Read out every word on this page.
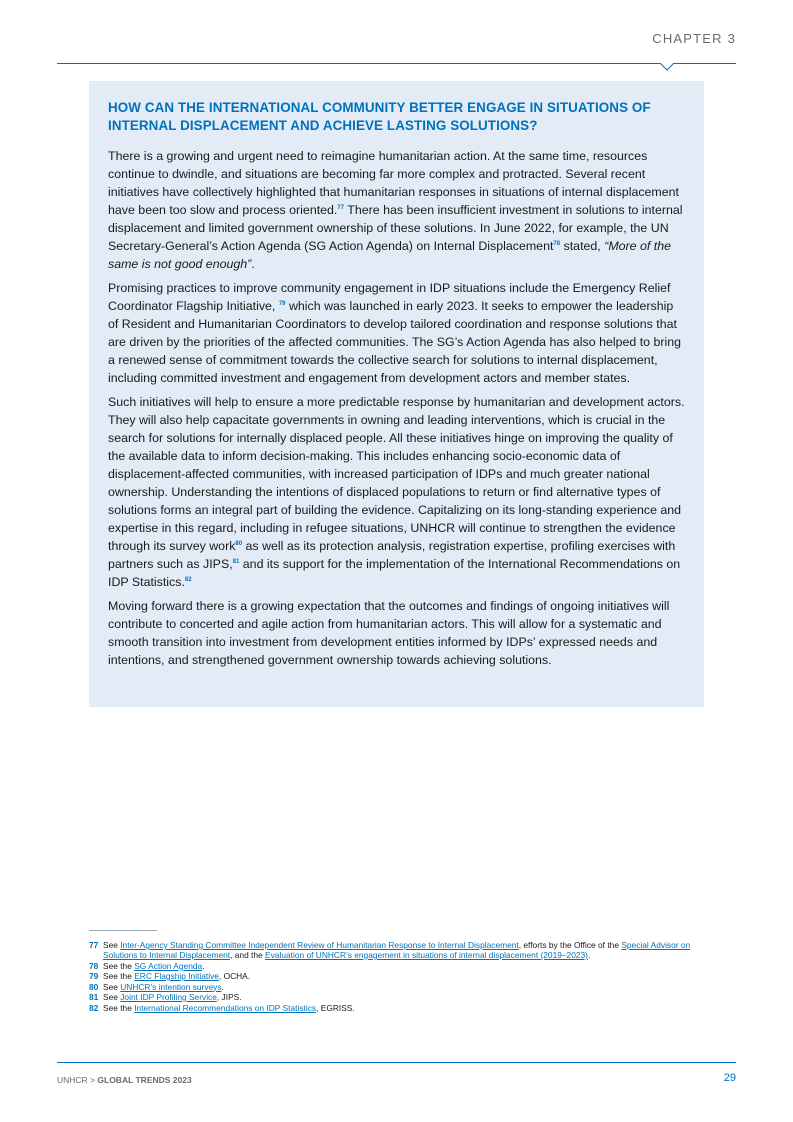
CHAPTER 3
HOW CAN THE INTERNATIONAL COMMUNITY BETTER ENGAGE IN SITUATIONS OF INTERNAL DISPLACEMENT AND ACHIEVE LASTING SOLUTIONS?

There is a growing and urgent need to reimagine humanitarian action. At the same time, resources continue to dwindle, and situations are becoming far more complex and protracted. Several recent initiatives have collectively highlighted that humanitarian responses in situations of internal displacement have been too slow and process oriented.$^{77}$ There has been insufficient investment in solutions to internal displacement and limited government ownership of these solutions. In June 2022, for example, the UN Secretary-General’s Action Agenda (SG Action Agenda) on Internal Displacement$^{78}$ stated, “More of the same is not good enough”.

Promising practices to improve community engagement in IDP situations include the Emergency Relief Coordinator Flagship Initiative, $^{79}$ which was launched in early 2023. It seeks to empower the leadership of Resident and Humanitarian Coordinators to develop tailored coordination and response solutions that are driven by the priorities of the affected communities. The SG’s Action Agenda has also helped to bring a renewed sense of commitment towards the collective search for solutions to internal displacement, including committed investment and engagement from development actors and member states.

Such initiatives will help to ensure a more predictable response by humanitarian and development actors. They will also help capacitate governments in owning and leading interventions, which is crucial in the search for solutions for internally displaced people. All these initiatives hinge on improving the quality of the available data to inform decision-making. This includes enhancing socio-economic data of displacement-affected communities, with increased participation of IDPs and much greater national ownership. Understanding the intentions of displaced populations to return or find alternative types of solutions forms an integral part of building the evidence. Capitalizing on its long-standing experience and expertise in this regard, including in refugee situations, UNHCR will continue to strengthen the evidence through its survey work$^{80}$ as well as its protection analysis, registration expertise, profiling exercises with partners such as JIPS,$^{81}$ and its support for the implementation of the International Recommendations on IDP Statistics.$^{82}$

Moving forward there is a growing expectation that the outcomes and findings of ongoing initiatives will contribute to concerted and agile action from humanitarian actors. This will allow for a systematic and smooth transition into investment from development entities informed by IDPs’ expressed needs and intentions, and strengthened government ownership towards achieving solutions.

77 See Inter-Agency Standing Committee Independent Review of Humanitarian Response to Internal Displacement, efforts by the Office of the Special Advisor on Solutions to Internal Displacement, and the Evaluation of UNHCR’s engagement in situations of internal displacement (2019–2023).
78 See the SG Action Agenda.
79 See the ERC Flagship Initiative, OCHA.
80 See UNHCR’s intention surveys.
81 See Joint IDP Profiling Service, JIPS.
82 See the International Recommendations on IDP Statistics, EGRISS.
UNHCR > GLOBAL TRENDS 2023	29
